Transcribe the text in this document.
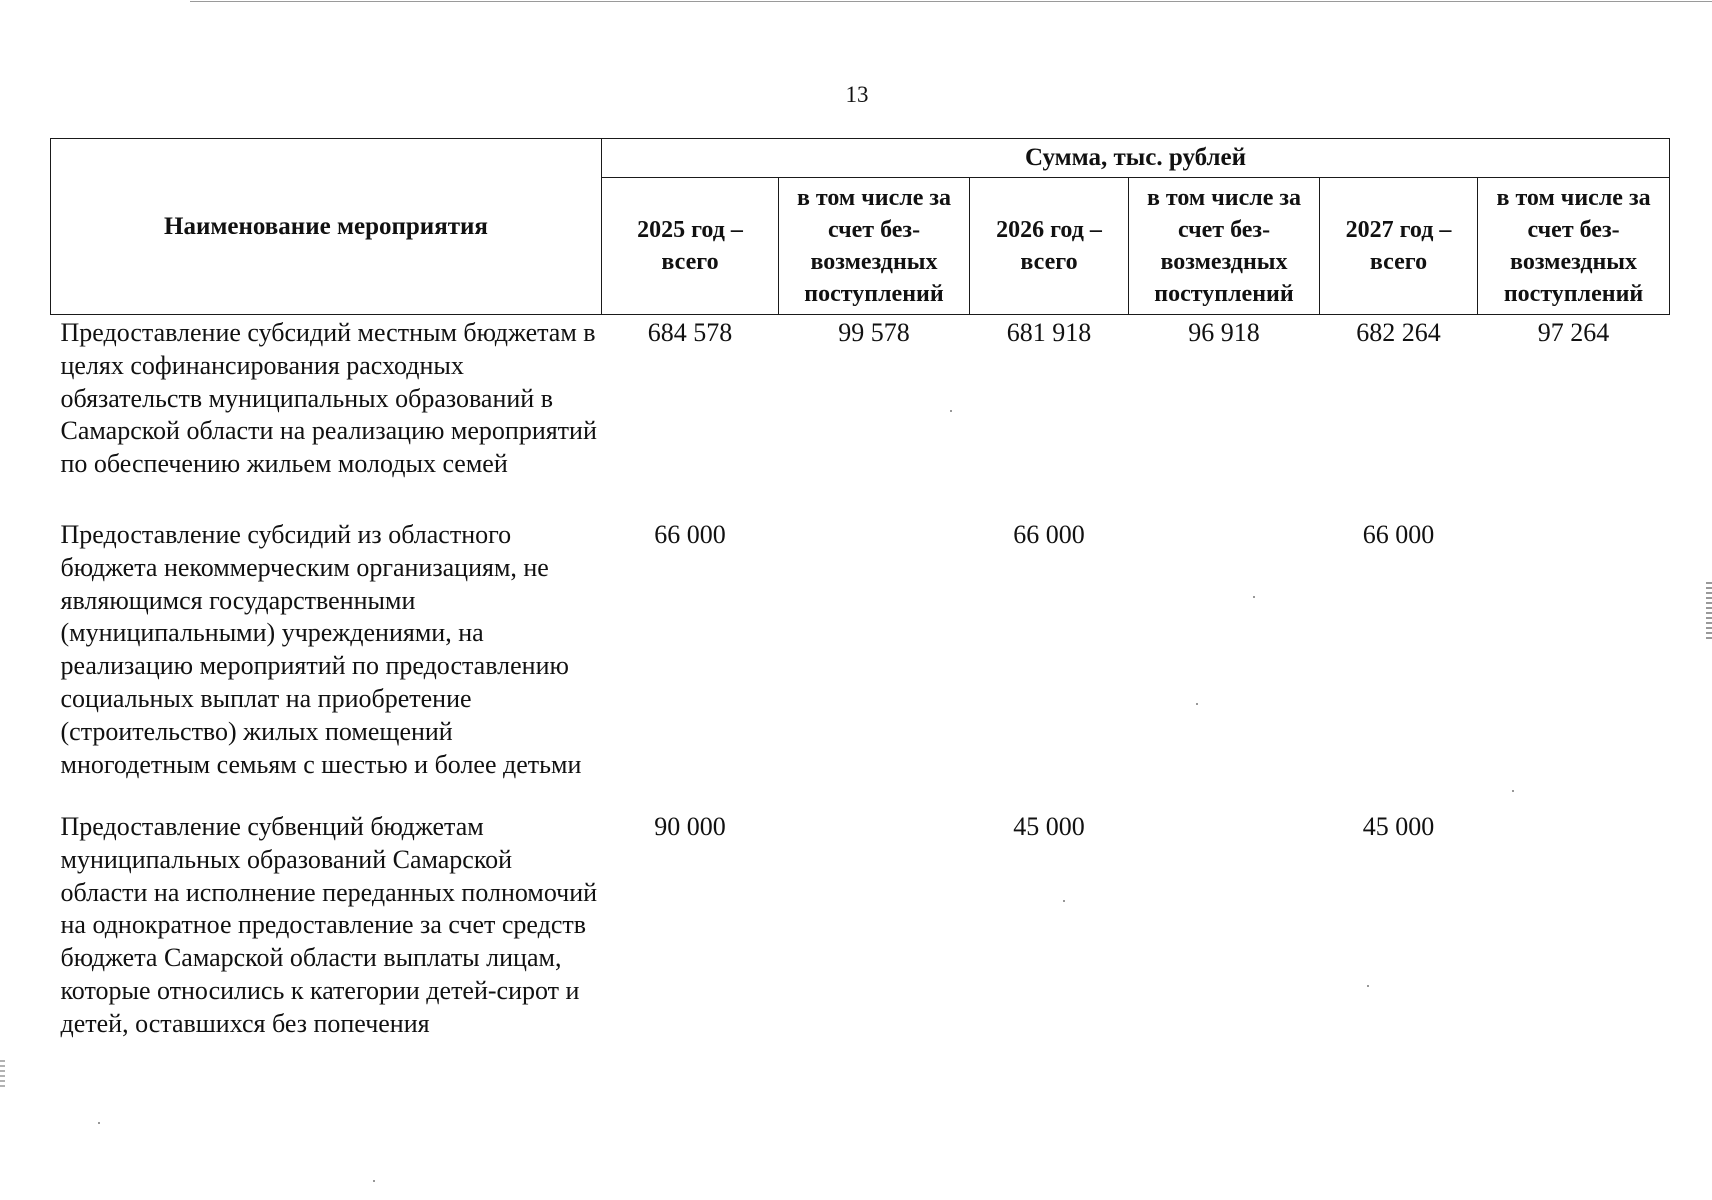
13
Наименование мероприятия	Сумма, тыс. рублей					
	2025 год – всего	в том числе за счет без-возмездных поступлений	2026 год – всего	в том числе за счет без-возмездных поступлений	2027 год – всего	в том числе за счет без-возмездных поступлений
Предоставление субсидий местным бюджетам в целях софинансирования расходных обязательств муниципальных образований в Самарской области на реализацию мероприятий по обеспечению жильем молодых семей	684 578	99 578	681 918	96 918	682 264	97 264
Предоставление субсидий из областного бюджета некоммерческим организациям, не являющимся государственными (муниципальными) учреждениями, на реализацию мероприятий по предоставлению социальных выплат на приобретение (строительство) жилых помещений многодетным семьям с шестью и более детьми	66 000		66 000		66 000	
Предоставление субвенций бюджетам муниципальных образований Самарской области на исполнение переданных полномочий на однократное предоставление за счет средств бюджета Самарской области выплаты лицам, которые относились к категории детей-сирот и детей, оставшихся без попечения	90 000		45 000		45 000	
